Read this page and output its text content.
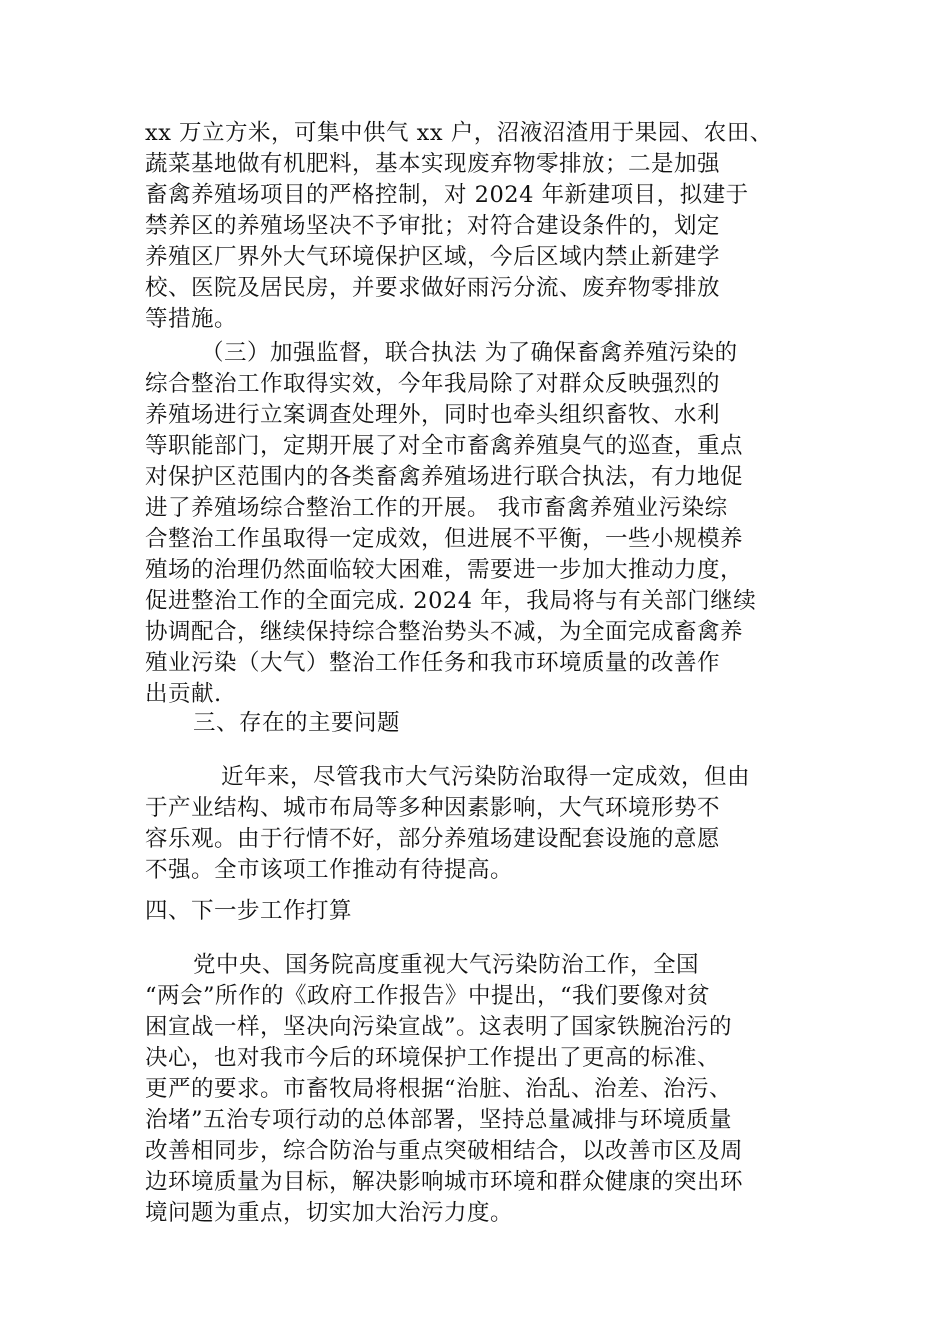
xx 万立方米，可集中供气 xx 户，沼液沼渣用于果园、农田、
蔬菜基地做有机肥料，基本实现废弃物零排放；二是加强
畜禽养殖场项目的严格控制，对 2024 年新建项目，拟建于
禁养区的养殖场坚决不予审批；对符合建设条件的，划定
养殖区厂界外大气环境保护区域，今后区域内禁止新建学
校、医院及居民房，并要求做好雨污分流、废弃物零排放
等措施。
（三）加强监督，联合执法 为了确保畜禽养殖污染的
综合整治工作取得实效，今年我局除了对群众反映强烈的
养殖场进行立案调查处理外，同时也牵头组织畜牧、水利
等职能部门，定期开展了对全市畜禽养殖臭气的巡查，重点
对保护区范围内的各类畜禽养殖场进行联合执法，有力地促
进了养殖场综合整治工作的开展。 我市畜禽养殖业污染综
合整治工作虽取得一定成效，但进展不平衡，一些小规模养
殖场的治理仍然面临较大困难，需要进一步加大推动力度，
促进整治工作的全面完成. 2024 年，我局将与有关部门继续
协调配合，继续保持综合整治势头不减，为全面完成畜禽养
殖业污染（大气）整治工作任务和我市环境质量的改善作
出贡献.
三、存在的主要问题
近年来，尽管我市大气污染防治取得一定成效，但由
于产业结构、城市布局等多种因素影响，大气环境形势不
容乐观。由于行情不好，部分养殖场建设配套设施的意愿
不强。全市该项工作推动有待提高。
四、下一步工作打算
党中央、国务院高度重视大气污染防治工作，全国
“两会”所作的《政府工作报告》中提出，“我们要像对贫
困宣战一样，坚决向污染宣战”。这表明了国家铁腕治污的
决心，也对我市今后的环境保护工作提出了更高的标准、
更严的要求。市畜牧局将根据“治脏、治乱、治差、治污、
治堵”五治专项行动的总体部署，坚持总量减排与环境质量
改善相同步，综合防治与重点突破相结合，以改善市区及周
边环境质量为目标，解决影响城市环境和群众健康的突出环
境问题为重点，切实加大治污力度。
